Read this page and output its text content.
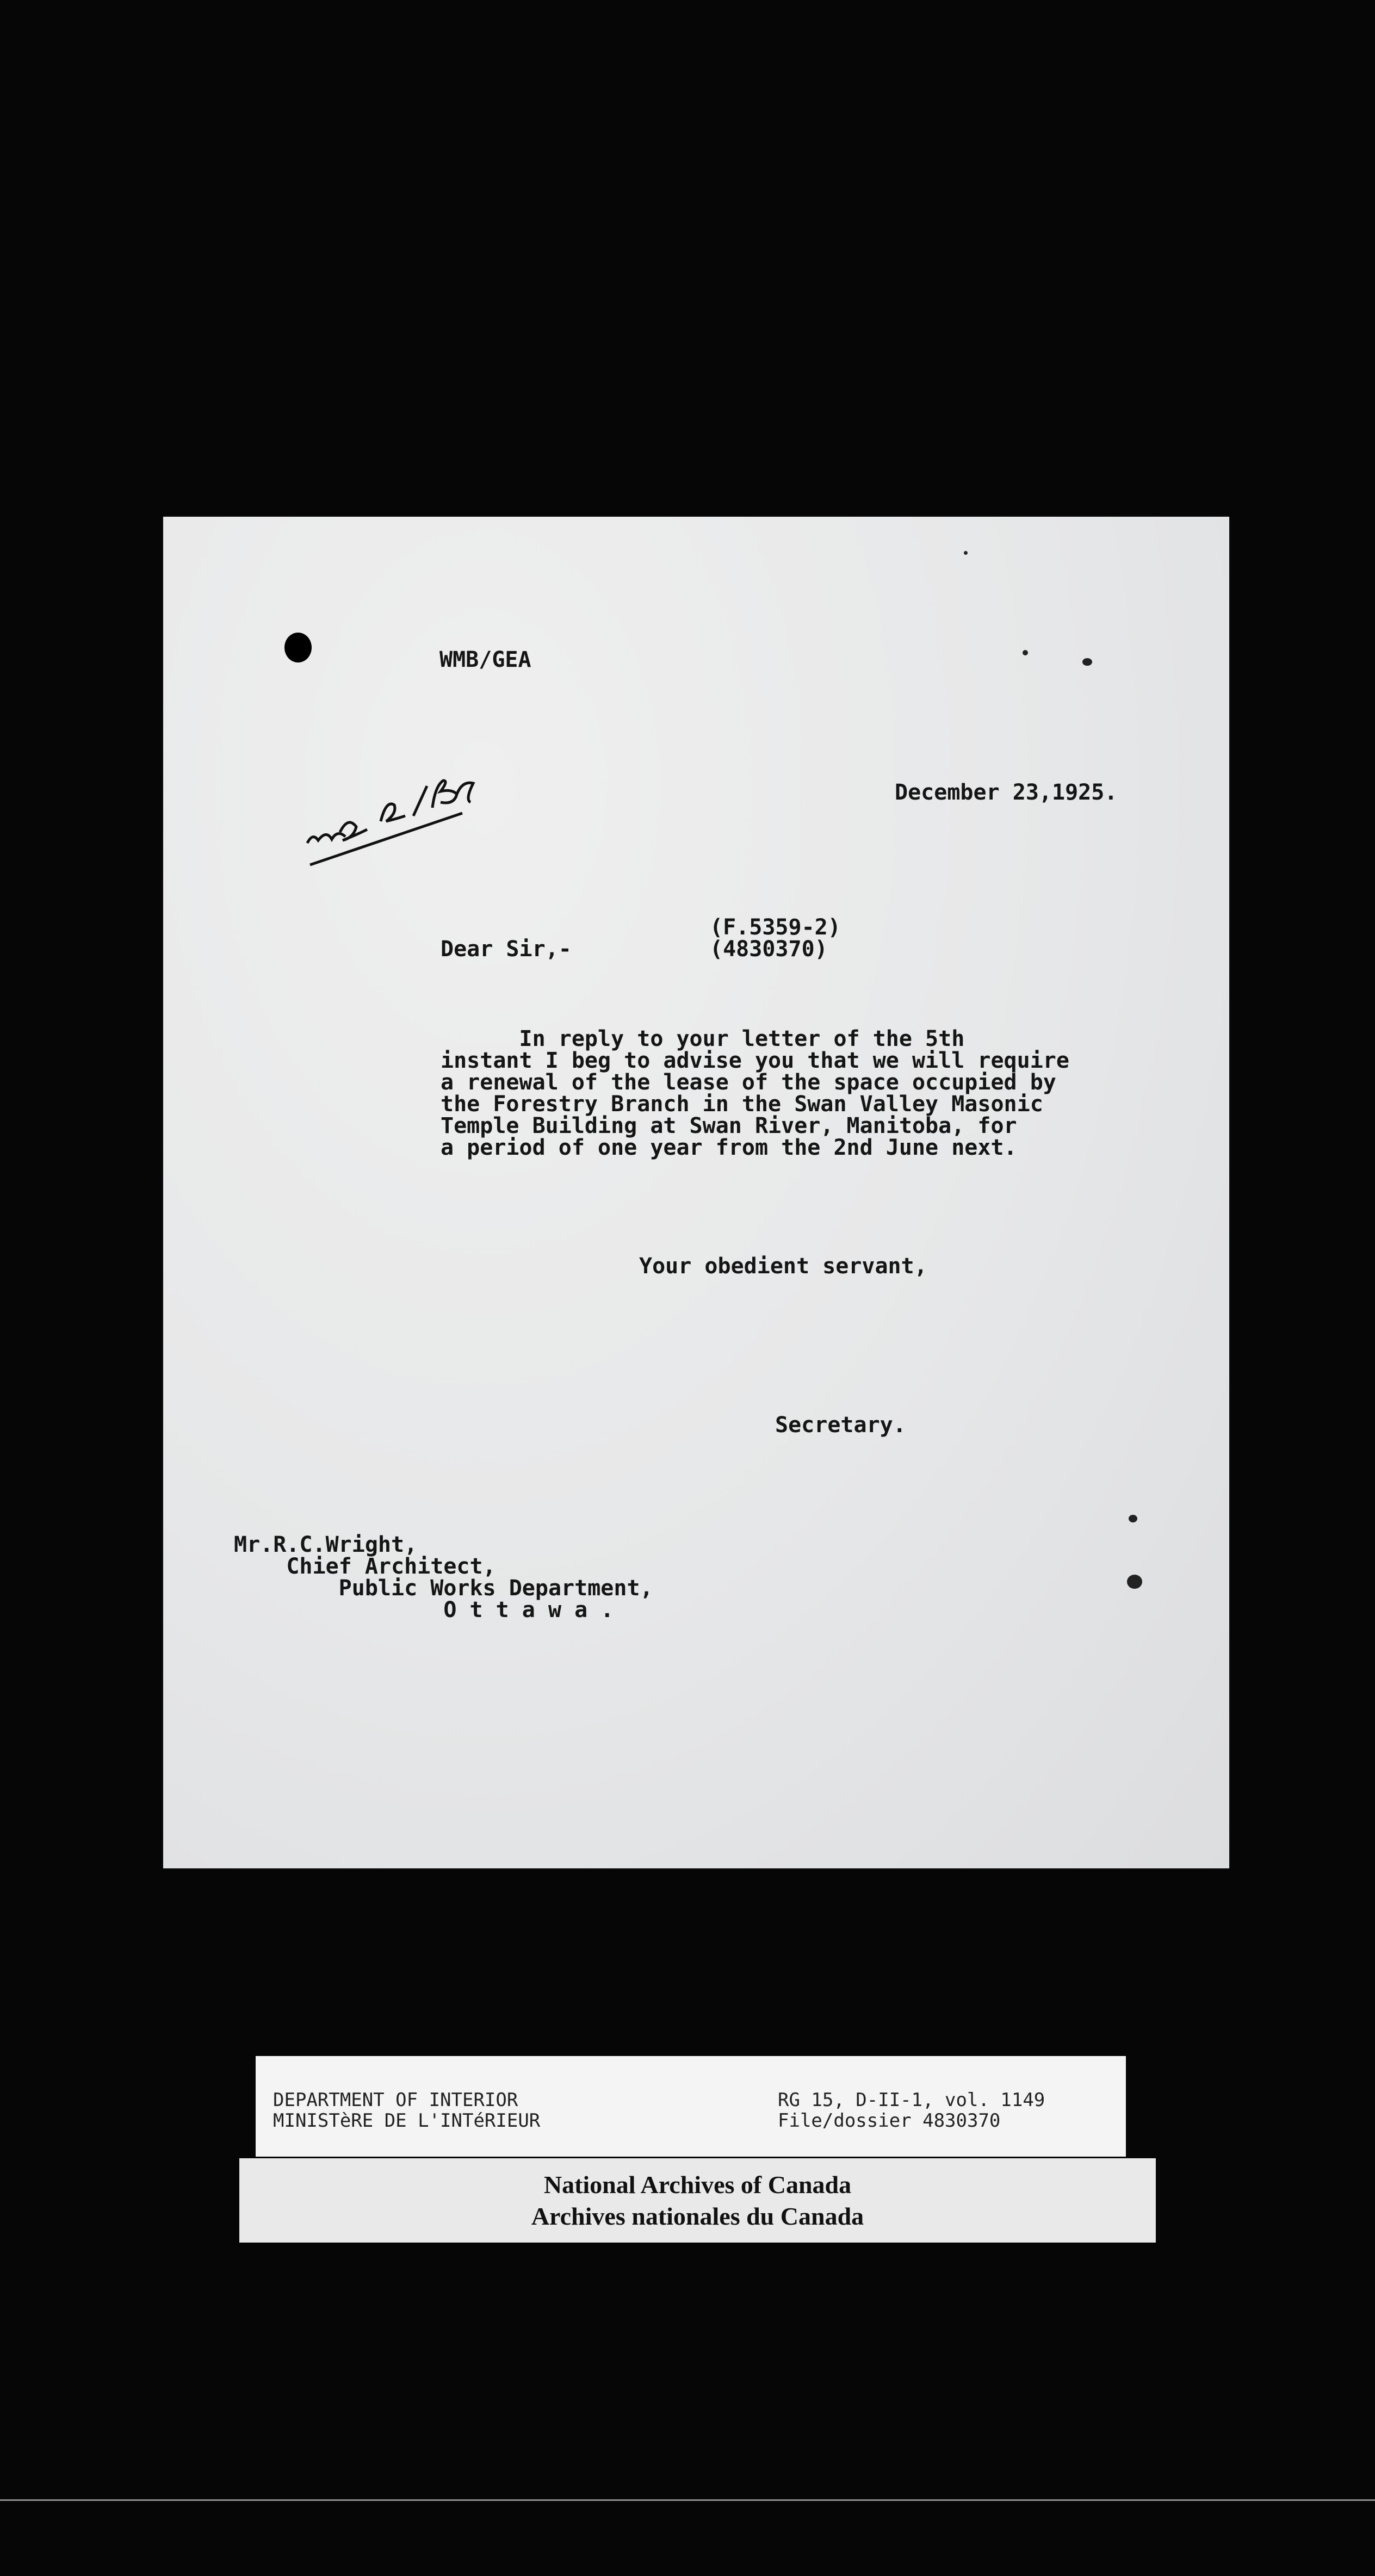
WMB/GEA
December 23,1925.
(F.5359-2)
(4830370)
Dear Sir,-
In reply to your letter of the 5th
instant I beg to advise you that we will require
a renewal of the lease of the space occupied by
the Forestry Branch in the Swan Valley Masonic
Temple Building at Swan River, Manitoba, for
a period of one year from the 2nd June next.
Your obedient servant,
Secretary.
Mr.R.C.Wright,
Chief Architect,
Public Works Department,
O t t a w a .
DEPARTMENT OF INTERIOR
MINISTèRE DE L'INTéRIEUR
RG 15, D-II-1, vol. 1149
File/dossier 4830370
National Archives of Canada
Archives nationales du Canada
